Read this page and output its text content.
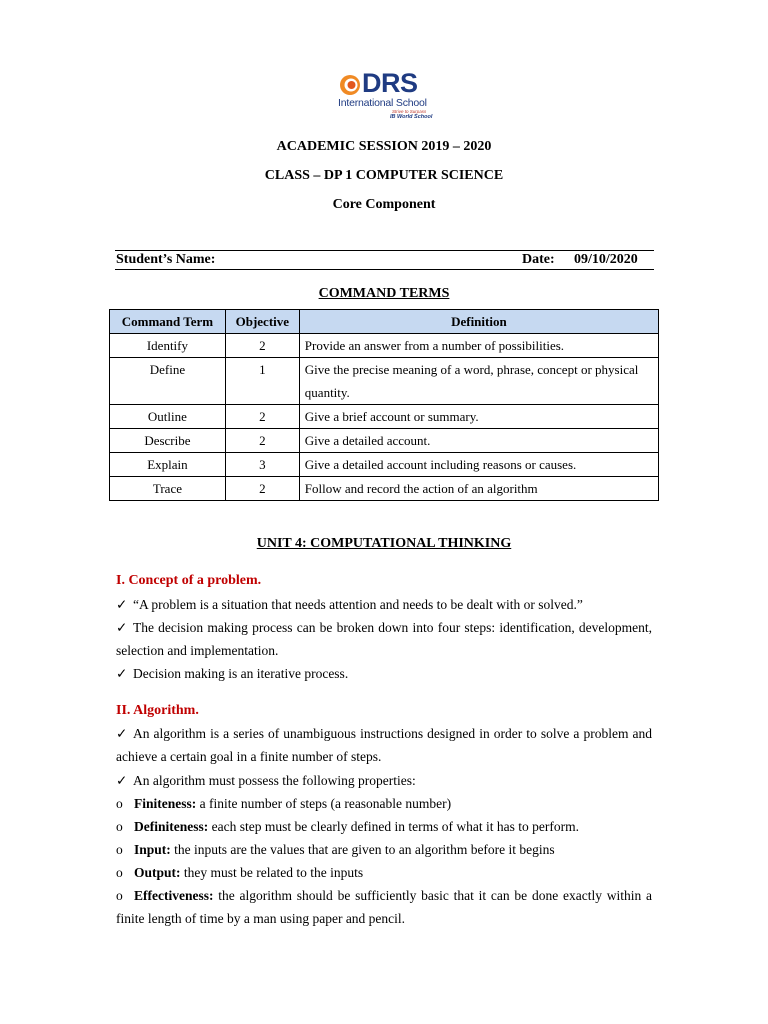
DRS
International School
Strive to Surpass
IB World School
ACADEMIC SESSION 2019 – 2020
CLASS – DP 1 COMPUTER SCIENCE
Core Component
Student’s Name:	Date: 09/10/2020
COMMAND TERMS
Command Term	Objective	Definition
Identify	2	Provide an answer from a number of possibilities.
Define	1	Give the precise meaning of a word, phrase, concept or physical quantity.
Outline	2	Give a brief account or summary.
Describe	2	Give a detailed account.
Explain	3	Give a detailed account including reasons or causes.
Trace	2	Follow and record the action of an algorithm
UNIT 4: COMPUTATIONAL THINKING
I. Concept of a problem.
✓ “A problem is a situation that needs attention and needs to be dealt with or solved.”
✓ The decision making process can be broken down into four steps: identification, development, selection and implementation.
✓ Decision making is an iterative process.
II. Algorithm.
✓ An algorithm is a series of unambiguous instructions designed in order to solve a problem and achieve a certain goal in a finite number of steps.
✓ An algorithm must possess the following properties:
o Finiteness: a finite number of steps (a reasonable number)
o Definiteness: each step must be clearly defined in terms of what it has to perform.
o Input: the inputs are the values that are given to an algorithm before it begins
o Output: they must be related to the inputs
o Effectiveness: the algorithm should be sufficiently basic that it can be done exactly within a finite length of time by a man using paper and pencil.
